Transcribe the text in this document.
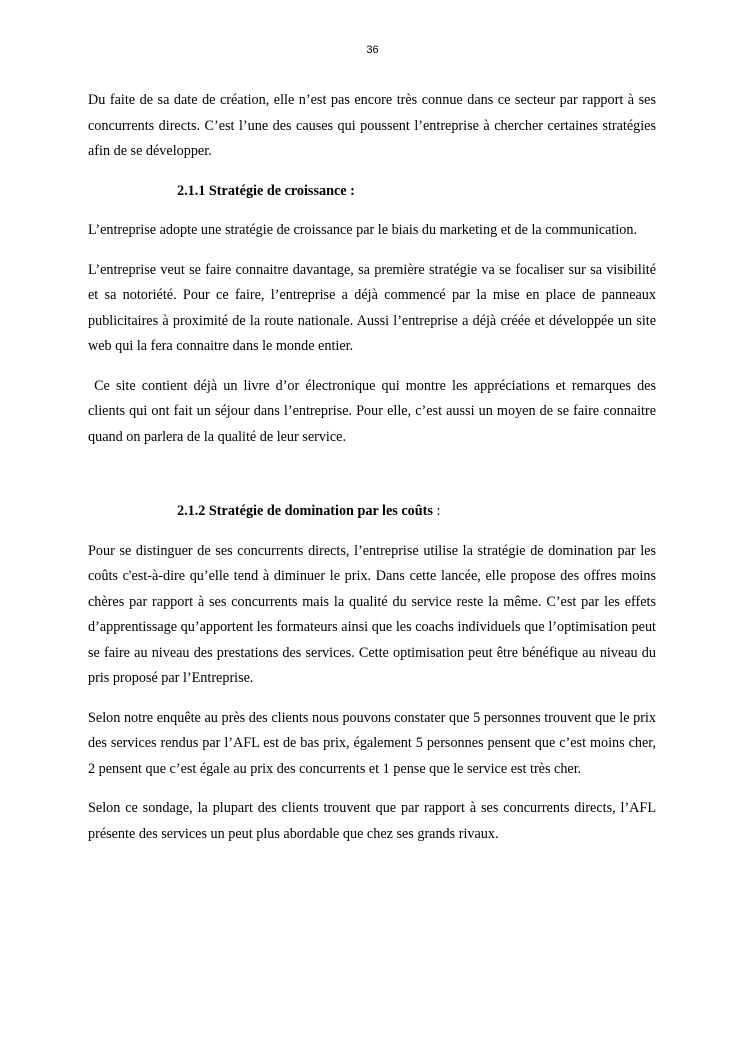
36

Du faite de sa date de création, elle n’est pas encore très connue dans ce secteur par rapport à ses concurrents directs. C’est l’une des causes qui poussent l’entreprise à chercher certaines stratégies afin de se développer.

2.1.1 Stratégie de croissance :

L’entreprise adopte une stratégie de croissance par le biais du marketing et de la communication.

L’entreprise veut se faire connaitre davantage, sa première stratégie va se focaliser sur sa visibilité et sa notoriété. Pour ce faire, l’entreprise a déjà commencé par la mise en place de panneaux publicitaires à proximité de la route nationale. Aussi l’entreprise a déjà créée et développée un site web qui la fera connaitre dans le monde entier.

Ce site contient déjà un livre d’or électronique qui montre les appréciations et remarques des clients qui ont fait un séjour dans l’entreprise. Pour elle, c’est aussi un moyen de se faire connaitre quand on parlera de la qualité de leur service.

2.1.2 Stratégie de domination par les coûts :

Pour se distinguer de ses concurrents directs, l’entreprise utilise la stratégie de domination par les coûts c'est-à-dire qu’elle tend à diminuer le prix. Dans cette lancée, elle propose des offres moins chères par rapport à ses concurrents mais la qualité du service reste la même. C’est par les effets d’apprentissage qu’apportent les formateurs ainsi que les coachs individuels que l’optimisation peut se faire au niveau des prestations des services. Cette optimisation peut être bénéfique au niveau du pris proposé par l’Entreprise.

Selon notre enquête au près des clients nous pouvons constater que 5 personnes trouvent que le prix des services rendus par l’AFL est de bas prix, également 5 personnes pensent que c’est moins cher, 2 pensent que c’est égale au prix des concurrents et 1 pense que le service est très cher.

Selon ce sondage, la plupart des clients trouvent que par rapport à ses concurrents directs, l’AFL présente des services un peut plus abordable que chez ses grands rivaux.
